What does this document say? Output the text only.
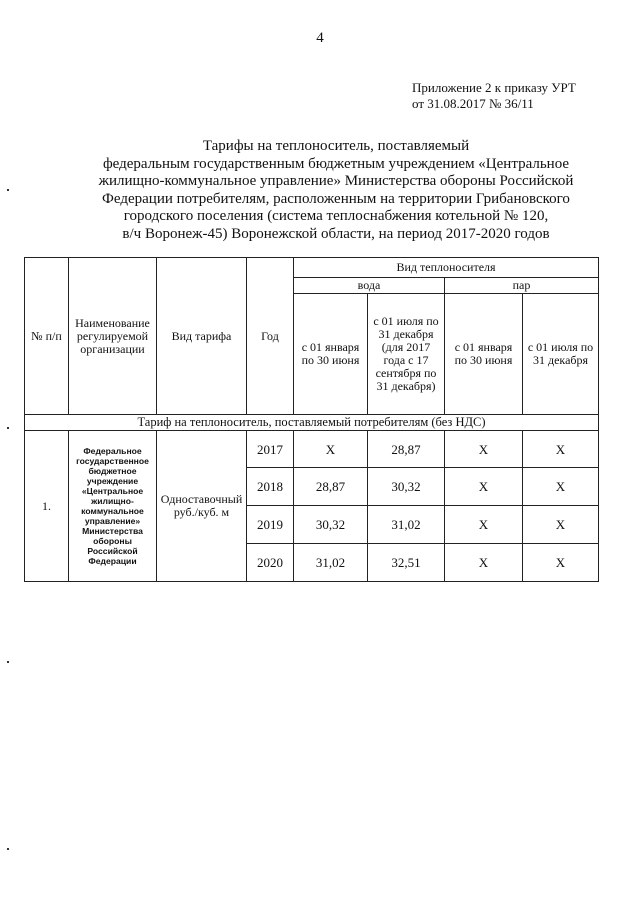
4
Приложение 2 к приказу УРТ
от 31.08.2017 № 36/11
Тарифы на теплоноситель, поставляемый
федеральным государственным бюджетным учреждением «Центральное
жилищно-коммунальное управление» Министерства обороны Российской
Федерации потребителям, расположенным на территории Грибановского
городского поселения (система теплоснабжения котельной № 120,
в/ч Воронеж-45) Воронежской области, на период 2017-2020 годов
№ п/п	Наименование регулируемой организации	Вид тарифа	Год	Вид теплоносителя			
				вода		пар	
				с 01 января по 30 июня	с 01 июля по 31 декабря (для 2017 года с 17 сентября по 31 декабря)	с 01 января по 30 июня	с 01 июля по 31 декабря
Тариф на теплоноситель, поставляемый потребителям (без НДС)							
1.	Федеральное государственное бюджетное учреждение «Центральное жилищно-коммунальное управление» Министерства обороны Российской Федерации	Одноставочный руб./куб. м	2017	Х	28,87	Х	Х
			2018	28,87	30,32	Х	Х
			2019	30,32	31,02	Х	Х
			2020	31,02	32,51	Х	Х
